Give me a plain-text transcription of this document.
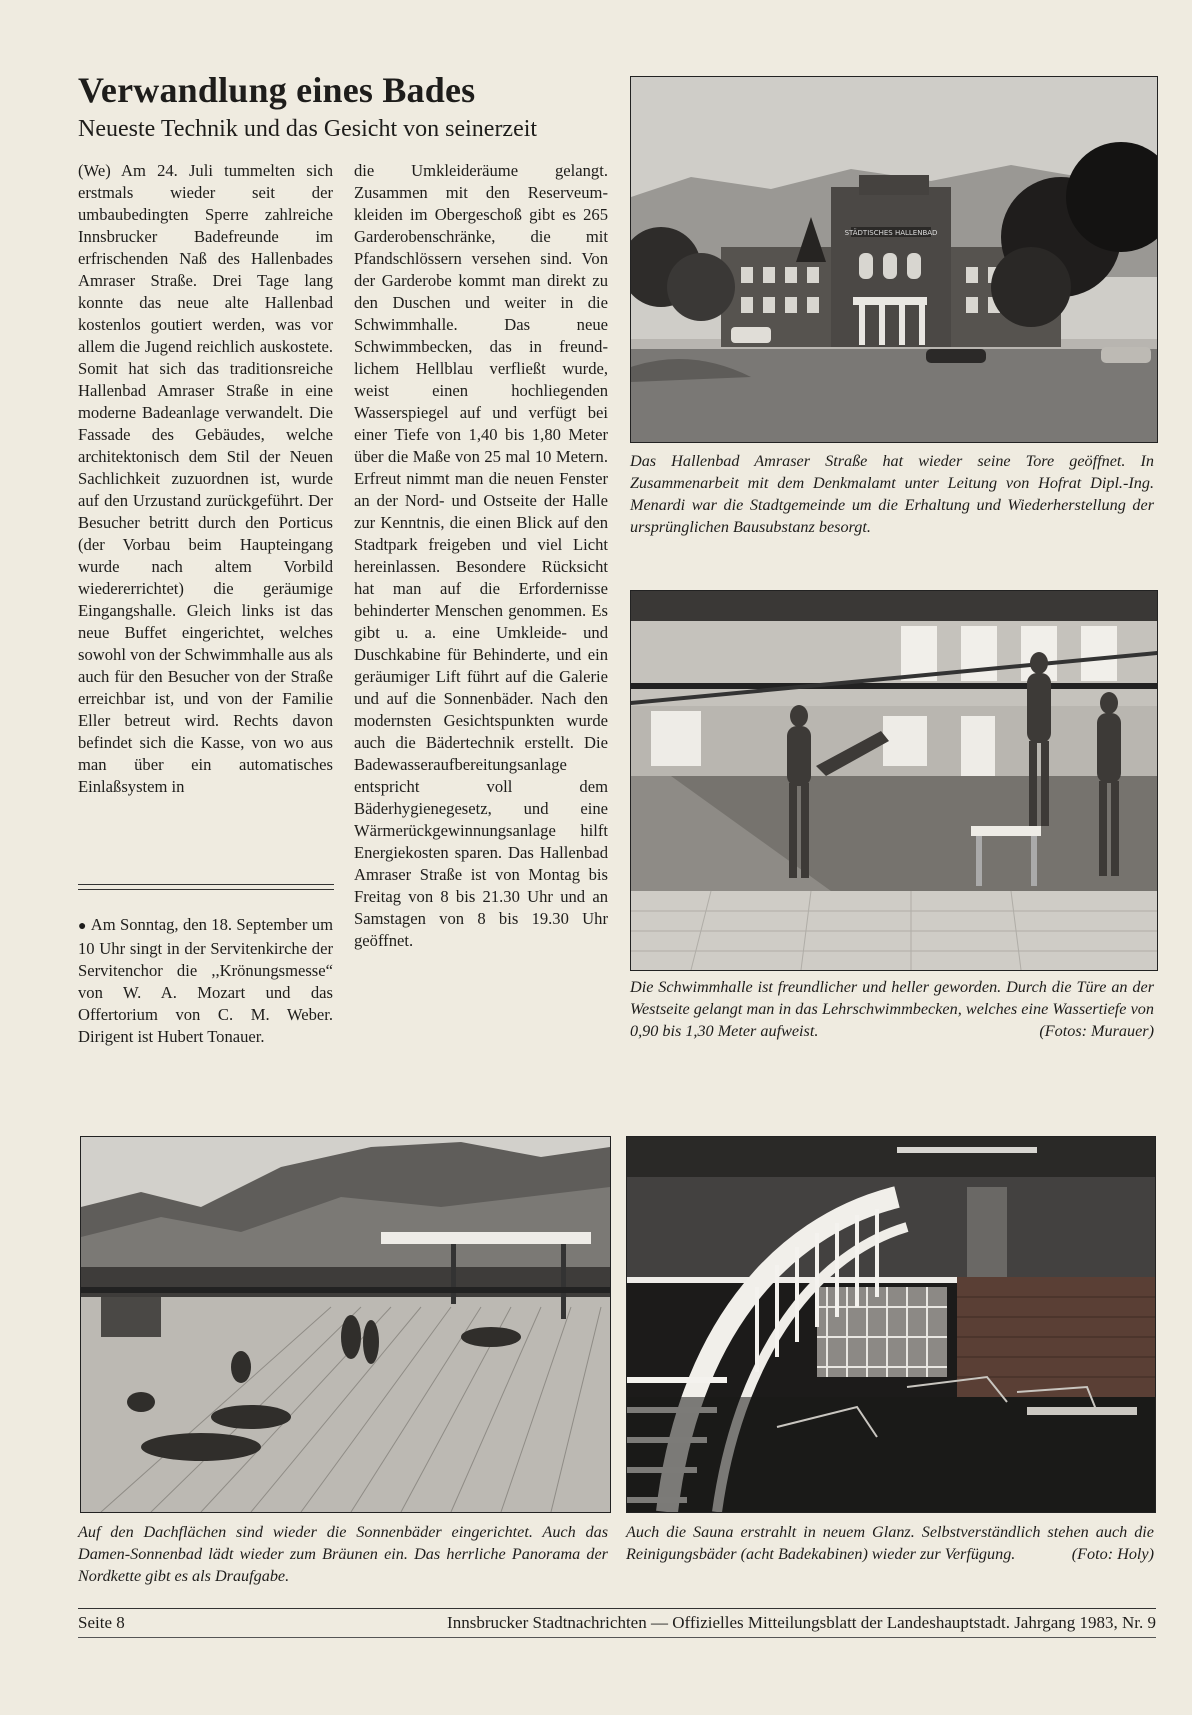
Verwandlung eines Bades
Neueste Technik und das Gesicht von seinerzeit

(We) Am 24. Juli tummelten sich erstmals wieder seit der umbaubedingten Sperre zahlreiche Innsbrucker Badefreunde im erfrischenden Naß des Hallenbades Amraser Straße. Drei Tage lang konnte das neue alte Hallenbad kostenlos goutiert werden, was vor allem die Jugend reichlich auskostete. Somit hat sich das traditionsreiche Hallenbad Amraser Straße in eine moderne Badeanlage verwandelt. Die Fassade des Gebäudes, welche architektonisch dem Stil der Neuen Sachlichkeit zuzuordnen ist, wurde auf den Urzustand zurückgeführt. Der Besucher betritt durch den Porticus (der Vorbau beim Haupteingang wurde nach altem Vorbild wiedererrichtet) die geräumige Eingangshalle. Gleich links ist das neue Buffet eingerichtet, welches sowohl von der Schwimmhalle aus als auch für den Besucher von der Straße erreichbar ist, und von der Familie Eller betreut wird. Rechts davon befindet sich die Kasse, von wo aus man über ein automatisches Einlaßsystem in

die Umkleideräume gelangt. Zusammen mit den Reserveumkleiden im Obergeschoß gibt es 265 Garderobenschränke, die mit Pfandschlössern versehen sind. Von der Garderobe kommt man direkt zu den Duschen und weiter in die Schwimmhalle. Das neue Schwimmbecken, das in freundlichem Hellblau verfließt wurde, weist einen hochliegenden Wasserspiegel auf und verfügt bei einer Tiefe von 1,40 bis 1,80 Meter über die Maße von 25 mal 10 Metern. Erfreut nimmt man die neuen Fenster an der Nord- und Ostseite der Halle zur Kenntnis, die einen Blick auf den Stadtpark freigeben und viel Licht hereinlassen. Besondere Rücksicht hat man auf die Erfordernisse behinderter Menschen genommen. Es gibt u. a. eine Umkleide- und Duschkabine für Behinderte, und ein geräumiger Lift führt auf die Galerie und auf die Sonnenbäder. Nach den modernsten Gesichtspunkten wurde auch die Bädertechnik erstellt. Die Badewasseraufbereitungsanlage entspricht voll dem Bäderhygienegesetz, und eine Wärmerückgewinnungsanlage hilft Energiekosten sparen. Das Hallenbad Amraser Straße ist von Montag bis Freitag von 8 bis 21.30 Uhr und an Samstagen von 8 bis 19.30 Uhr geöffnet.

● Am Sonntag, den 18. September um 10 Uhr singt in der Servitenkirche der Servitenchor die ,,Krönungsmesse“ von W. A. Mozart und das Offertorium von C. M. Weber. Dirigent ist Hubert Tonauer.

STÄDTISCHES HALLENBAD
Das Hallenbad Amraser Straße hat wieder seine Tore geöffnet. In Zusammenarbeit mit dem Denkmalamt unter Leitung von Hofrat Dipl.-Ing. Menardi war die Stadtgemeinde um die Erhaltung und Wiederherstellung der ursprünglichen Bausubstanz besorgt.
Die Schwimmhalle ist freundlicher und heller geworden. Durch die Türe an der Westseite gelangt man in das Lehrschwimmbecken, welches eine Wassertiefe von 0,90 bis 1,30 Meter aufweist.	(Fotos: Murauer)
Auf den Dachflächen sind wieder die Sonnenbäder eingerichtet. Auch das Damen-Sonnenbad lädt wieder zum Bräunen ein. Das herrliche Panorama der Nordkette gibt es als Draufgabe.
Auch die Sauna erstrahlt in neuem Glanz. Selbstverständlich stehen auch die Reinigungsbäder (acht Badekabinen) wieder zur Verfügung.	(Foto: Holy)
Seite 8	Innsbrucker Stadtnachrichten — Offizielles Mitteilungsblatt der Landeshauptstadt. Jahrgang 1983, Nr. 9
